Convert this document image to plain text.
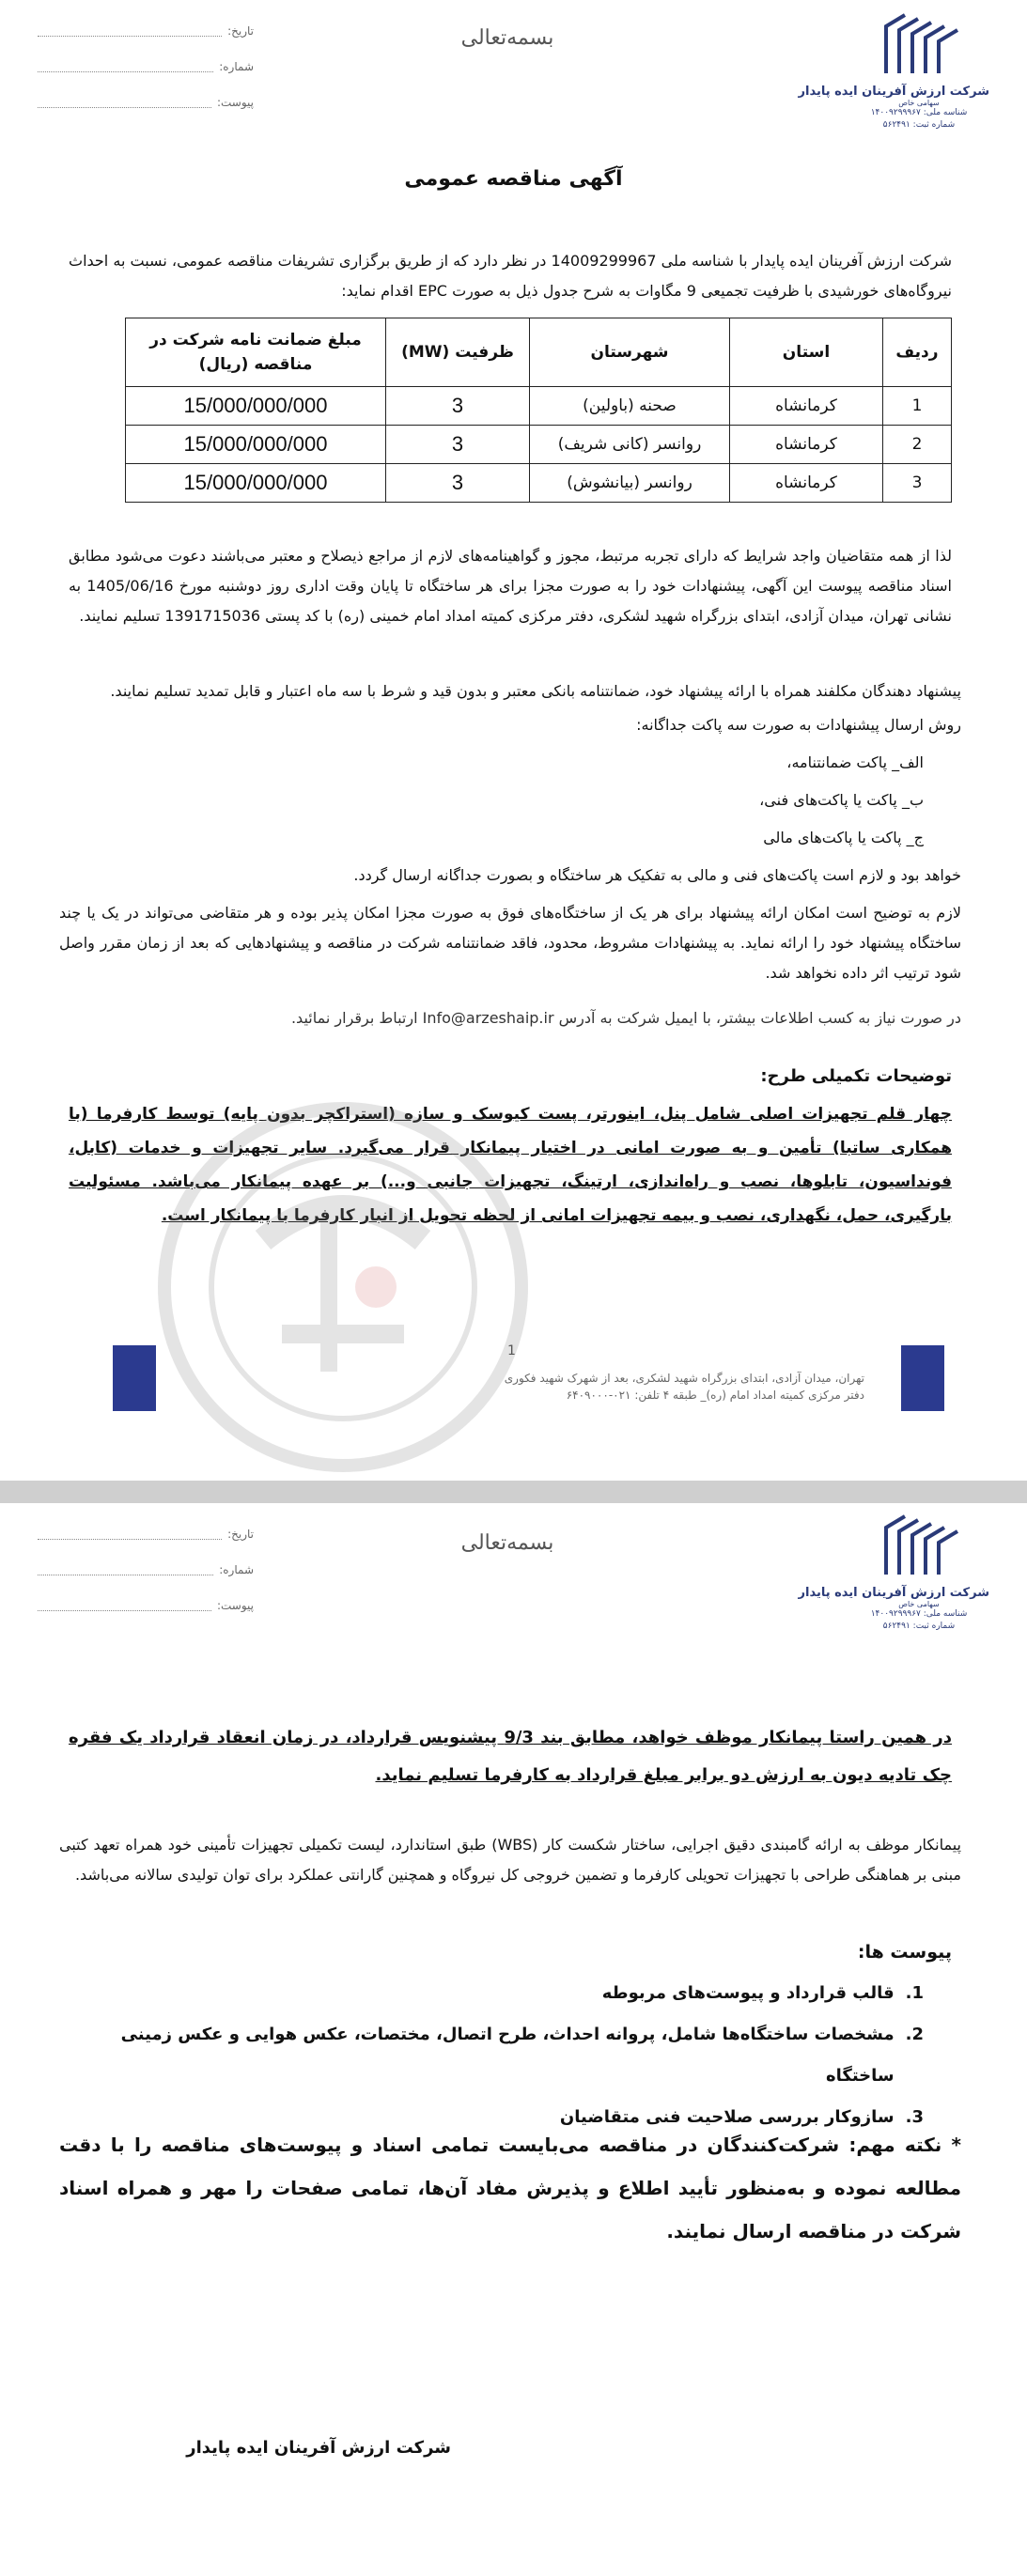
شرکت ارزش آفرینان ایده پایدار
سهامی خاص
شناسه ملی: ۱۴۰۰۹۲۹۹۹۶۷
شماره ثبت: ۵۶۲۴۹۱
بسمه‌تعالی
تاریخ:
شماره:
پیوست:
آگهی مناقصه عمومی
شرکت ارزش آفرینان ایده پایدار با شناسه ملی 14009299967 در نظر دارد که از طریق برگزاری تشریفات مناقصه عمومی، نسبت به احداث نیروگاه‌های خورشیدی با ظرفیت تجمیعی 9 مگاوات به شرح جدول ذیل به صورت EPC اقدام نماید:
ردیف	استان	شهرستان	ظرفیت (MW)	مبلغ ضمانت نامه شرکت در مناقصه (ریال)
1	کرمانشاه	صحنه (باولین)	3	15/000/000/000
2	کرمانشاه	روانسر (کانی شریف)	3	15/000/000/000
3	کرمانشاه	روانسر (بیانشوش)	3	15/000/000/000
لذا از همه متقاضیان واجد شرایط که دارای تجربه مرتبط، مجوز و گواهینامه‌های لازم از مراجع ذیصلاح و معتبر می‌باشند دعوت می‌شود مطابق اسناد مناقصه پیوست این آگهی، پیشنهادات خود را به صورت مجزا برای هر ساختگاه تا پایان وقت اداری روز دوشنبه مورخ 1405/06/16 به نشانی تهران، میدان آزادی، ابتدای بزرگراه شهید لشکری، دفتر مرکزی کمیته امداد امام خمینی (ره) با کد پستی 1391715036 تسلیم نمایند.
پیشنهاد دهندگان مکلفند همراه با ارائه پیشنهاد خود، ضمانتنامه بانکی معتبر و بدون قید و شرط با سه ماه اعتبار و قابل تمدید تسلیم نمایند.
روش ارسال پیشنهادات به صورت سه پاکت جداگانه:
الف_ پاکت ضمانتنامه،
ب_ پاکت یا پاکت‌های فنی،
ج_ پاکت یا پاکت‌های مالی
خواهد بود و لازم است پاکت‌های فنی و مالی به تفکیک هر ساختگاه و بصورت جداگانه ارسال گردد.
لازم به توضیح است امکان ارائه پیشنهاد برای هر یک از ساختگاه‌های فوق به صورت مجزا امکان پذیر بوده و هر متقاضی می‌تواند در یک یا چند ساختگاه پیشنهاد خود را ارائه نماید. به پیشنهادات مشروط، محدود، فاقد ضمانتنامه شرکت در مناقصه و پیشنهادهایی که بعد از زمان مقرر واصل شود ترتیب اثر داده نخواهد شد.
در صورت نیاز به کسب اطلاعات بیشتر، با ایمیل شرکت به آدرس Info@arzeshaip.ir ارتباط برقرار نمائید.
توضیحات تکمیلی طرح:
چهار قلم تجهیزات اصلی شامل پنل، اینورتر، پست کیوسک و سازه (استراکچر بدون پایه) توسط کارفرما (با همکاری ساتبا) تأمین و به صورت امانی در اختیار پیمانکار قرار می‌گیرد. سایر تجهیزات و خدمات (کابل، فونداسیون، تابلوها، نصب و راه‌اندازی، ارتینگ، تجهیزات جانبی و...) بر عهده پیمانکار می‌باشد. مسئولیت بارگیری، حمل، نگهداری، نصب و بیمه تجهیزات امانی از لحظه تحویل از انبار کارفرما با پیمانکار است.
1
تهران، میدان آزادی، ابتدای بزرگراه شهید لشکری، بعد از شهرک شهید فکوری
دفتر مرکزی کمیته امداد امام (ره)_ طبقه ۴ تلفن: ۰۲۱-۶۴۰۹۰۰۰
شرکت ارزش آفرینان ایده پایدار
سهامی خاص
شناسه ملی: ۱۴۰۰۹۲۹۹۹۶۷
شماره ثبت: ۵۶۲۴۹۱
بسمه‌تعالی
تاریخ:
شماره:
پیوست:
در همین راستا پیمانکار موظف خواهد، مطابق بند 9/3 پیشنویس قرارداد، در زمان انعقاد قرارداد یک فقره چک تادیه دیون به ارزش دو برابر مبلغ قرارداد به کارفرما تسلیم نماید.
پیمانکار موظف به ارائه گامبندی دقیق اجرایی، ساختار شکست کار (WBS) طبق استاندارد، لیست تکمیلی تجهیزات تأمینی خود همراه تعهد کتبی مبنی بر هماهنگی طراحی با تجهیزات تحویلی کارفرما و تضمین خروجی کل نیروگاه و همچنین گارانتی عملکرد برای توان تولیدی سالانه می‌باشد.
پیوست ها:
1.
قالب قرارداد و پیوست‌های مربوطه
2.
مشخصات ساختگاه‌ها شامل، پروانه احداث، طرح اتصال، مختصات، عکس هوایی و عکس زمینی ساختگاه
3.
سازوکار بررسی صلاحیت فنی متقاضیان
* نکته مهم: شرکت‌کنندگان در مناقصه می‌بایست تمامی اسناد و پیوست‌های مناقصه را با دقت مطالعه نموده و به‌منظور تأیید اطلاع و پذیرش مفاد آن‌ها، تمامی صفحات را مهر و همراه اسناد شرکت در مناقصه ارسال نمایند.
شرکت ارزش آفرینان ایده پایدار
